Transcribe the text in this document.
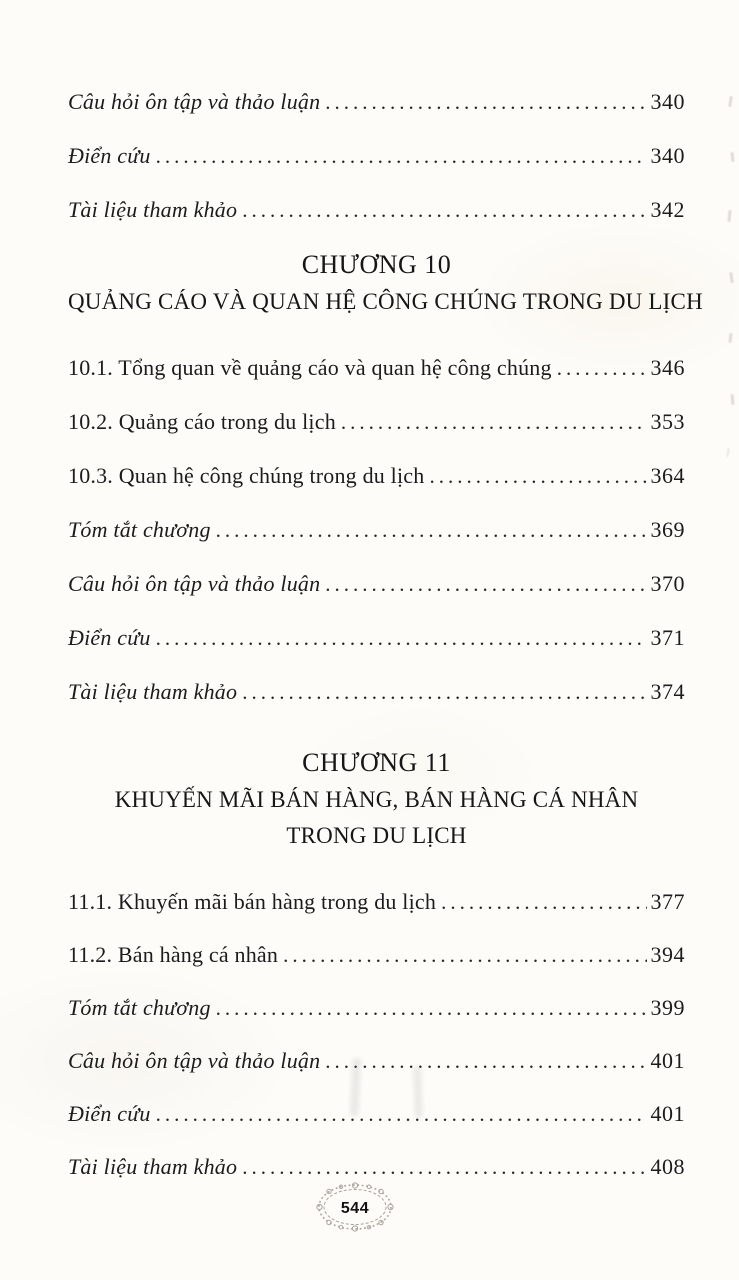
Câu hỏi ôn tập và thảo luận .....	340
Điển cứu .....	340
Tài liệu tham khảo .....	342
CHƯƠNG 10
QUẢNG CÁO VÀ QUAN HỆ CÔNG CHÚNG TRONG DU LỊCH
10.1. Tổng quan về quảng cáo và quan hệ công chúng .....	346
10.2. Quảng cáo trong du lịch .....	353
10.3. Quan hệ công chúng trong du lịch .....	364
Tóm tắt chương .....	369
Câu hỏi ôn tập và thảo luận .....	370
Điển cứu .....	371
Tài liệu tham khảo .....	374
CHƯƠNG 11
KHUYẾN MÃI BÁN HÀNG, BÁN HÀNG CÁ NHÂN
TRONG DU LỊCH
11.1. Khuyến mãi bán hàng trong du lịch .....	377
11.2. Bán hàng cá nhân .....	394
Tóm tắt chương .....	399
Câu hỏi ôn tập và thảo luận .....	401
Điển cứu .....	401
Tài liệu tham khảo .....	408
544
